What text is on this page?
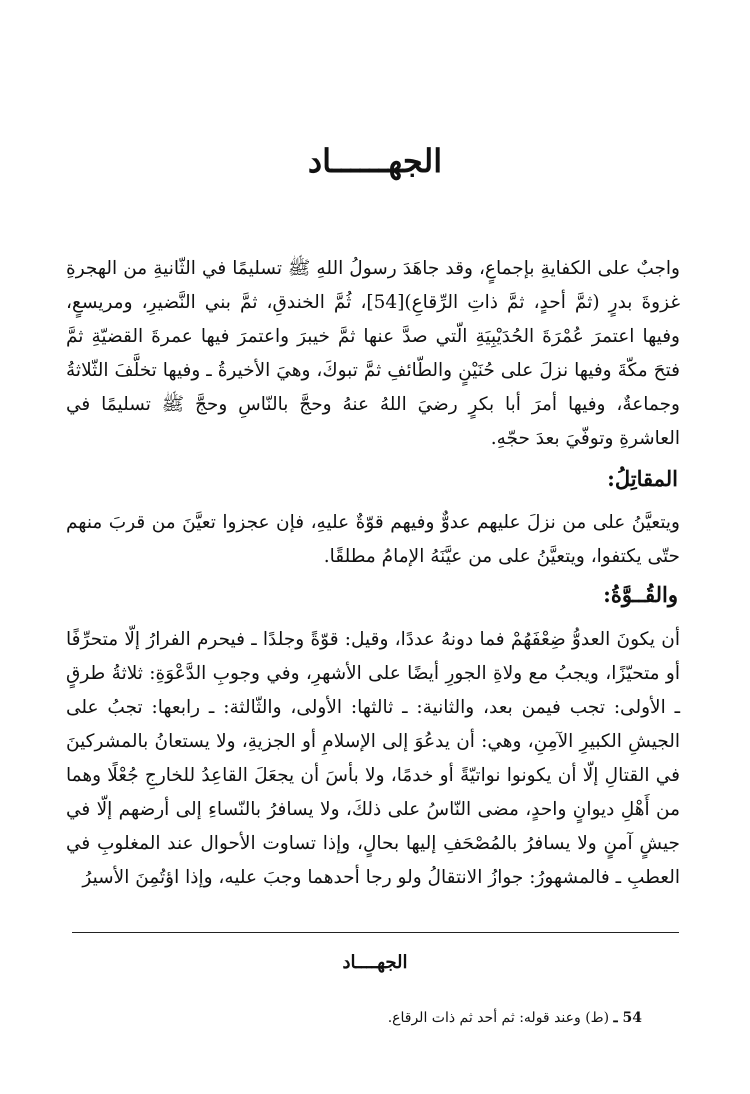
الجهــــــاد

واجبٌ على الكفايةِ بإجماعٍ، وقد جاهَدَ رسولُ اللهِ ﷺ تسليمًا في الثّانيةِ من الهجرةِ غزوةَ بدرٍ (ثمَّ أحدٍ، ثمَّ ذاتِ الرِّقاعِ)[54]، ثُمَّ الخندقِ، ثمَّ بني النَّضيرِ، ومريسعٍ، وفيها اعتمرَ عُمْرَةَ الحُدَيْبِيَةِ الّتي صدَّ عنها ثمَّ خيبرَ واعتمرَ فيها عمرةَ القضيّةِ ثمَّ فتحَ مكّةَ وفيها نزلَ على حُنَيْنٍ والطّائفِ ثمَّ تبوكَ، وهيَ الأخيرةُ ـ وفيها تخلَّفَ الثّلاثةُ وجماعةٌ، وفيها أمرَ أبا بكرٍ رضيَ اللهُ عنهُ وحجَّ بالنّاسِ وحجَّ ﷺ تسليمًا في العاشرةِ وتوفّيَ بعدَ حجّهِ.

المقاتِلُ:

ويتعيَّنُ على من نزلَ عليهم عدوٌّ وفيهم قوّةٌ عليهِ، فإن عجزوا تعيَّنَ من قربَ منهم حتّى يكتفوا، ويتعيَّنُ على من عيَّنَهُ الإمامُ مطلقًا.

والقُــوَّةُ:

أن يكونَ العدوُّ ضِعْفَهُمْ فما دونهُ عددًا، وقيل: قوّةً وجلدًا ـ فيحرم الفرارُ إلّا متحرِّفًا أو متحيّزًا، ويجبُ مع ولاةِ الجورِ أيضًا على الأشهرِ، وفي وجوبِ الدَّعْوَةِ: ثلاثةُ طرقٍ ـ الأولى: تجب فيمن بعد، والثانية: ـ ثالثها: الأولى، والثّالثة: ـ رابعها: تجبُ على الجيشِ الكبيرِ الآمِنِ، وهي: أن يدعُوَ إلى الإسلامِ أو الجزيةِ، ولا يستعانُ بالمشركينَ في القتالِ إلّا أن يكونوا نواتيّةً أو خدمًا، ولا بأسَ أن يجعَلَ القاعِدُ للخارجِ جُعْلًا وهما من أَهْلِ ديوانٍ واحدٍ، مضى النّاسُ على ذلكَ، ولا يسافرُ بالنّساءِ إلى أرضهم إلّا في جيشٍ آمنٍ ولا يسافرُ بالمُصْحَفِ إليها بحالٍ، وإذا تساوت الأحوال عند المغلوبِ في العطبِ ـ فالمشهورُ: جوازُ الانتقالُ ولو رجا أحدهما وجبَ عليه، وإذا اؤتُمِنَ الأسيرُ

الجهــــاد
54 ـ (ط) وعند قوله: ثم أحد ثم ذات الرقاع.
